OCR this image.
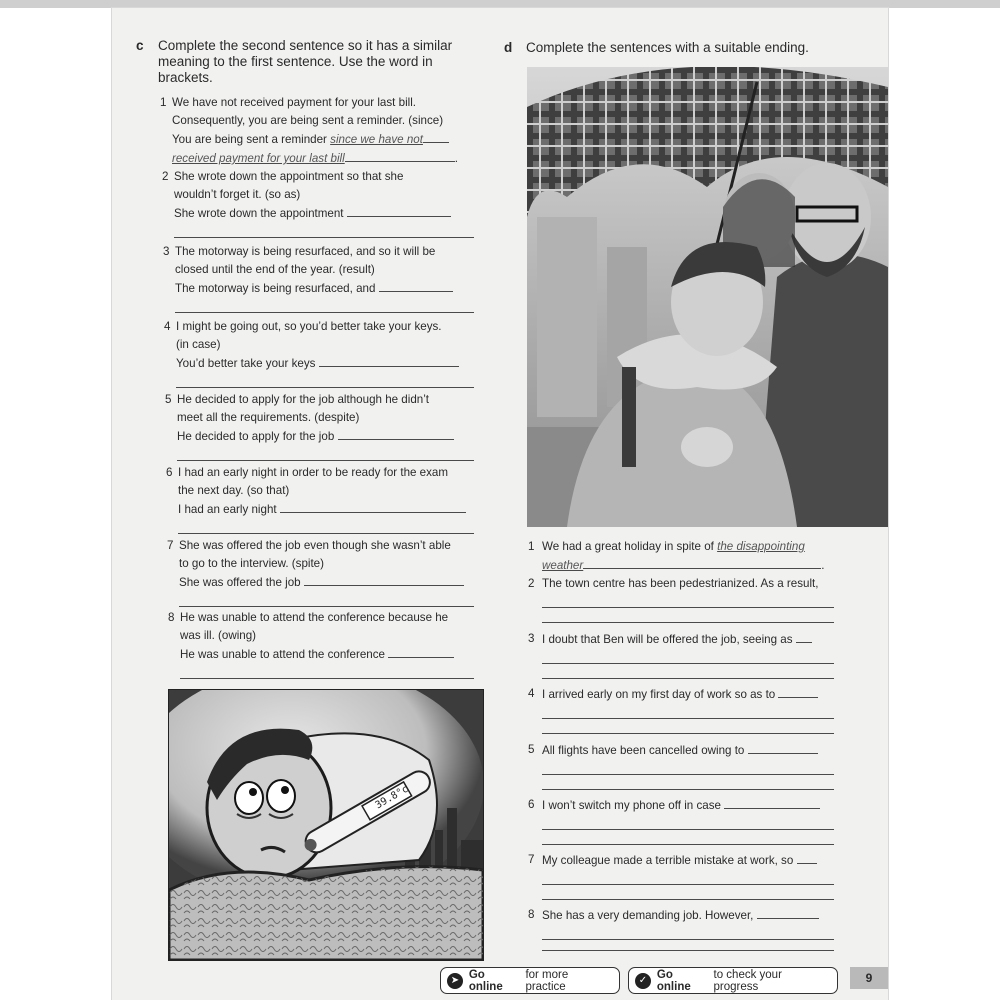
c Complete the second sentence so it has a similar
meaning to the first sentence. Use the word in
brackets.
1 We have not received payment for your last bill.
Consequently, you are being sent a reminder. (since)
You are being sent a reminder since we have not
received payment for your last bill	.
2 She wrote down the appointment so that she
wouldn’t forget it. (so as)
She wrote down the appointment
3 The motorway is being resurfaced, and so it will be
closed until the end of the year. (result)
The motorway is being resurfaced, and
4 I might be going out, so you’d better take your keys.
(in case)
You’d better take your keys
5 He decided to apply for the job although he didn’t
meet all the requirements. (despite)
He decided to apply for the job
6 I had an early night in order to be ready for the exam
the next day. (so that)
I had an early night
7 She was offered the job even though she wasn’t able
to go to the interview. (spite)
She was offered the job
8 He was unable to attend the conference because he
was ill. (owing)
He was unable to attend the conference
39.8°c
d Complete the sentences with a suitable ending.
1 We had a great holiday in spite of the disappointing
weather	.
2 The town centre has been pedestrianized. As a result,
3 I doubt that Ben will be offered the job, seeing as
4 I arrived early on my first day of work so as to
5 All flights have been cancelled owing to
6 I won’t switch my phone off in case
7 My colleague made a terrible mistake at work, so
8 She has a very demanding job. However,
➤ Go online
for more practice	✓ Go online
to check your progress
9
